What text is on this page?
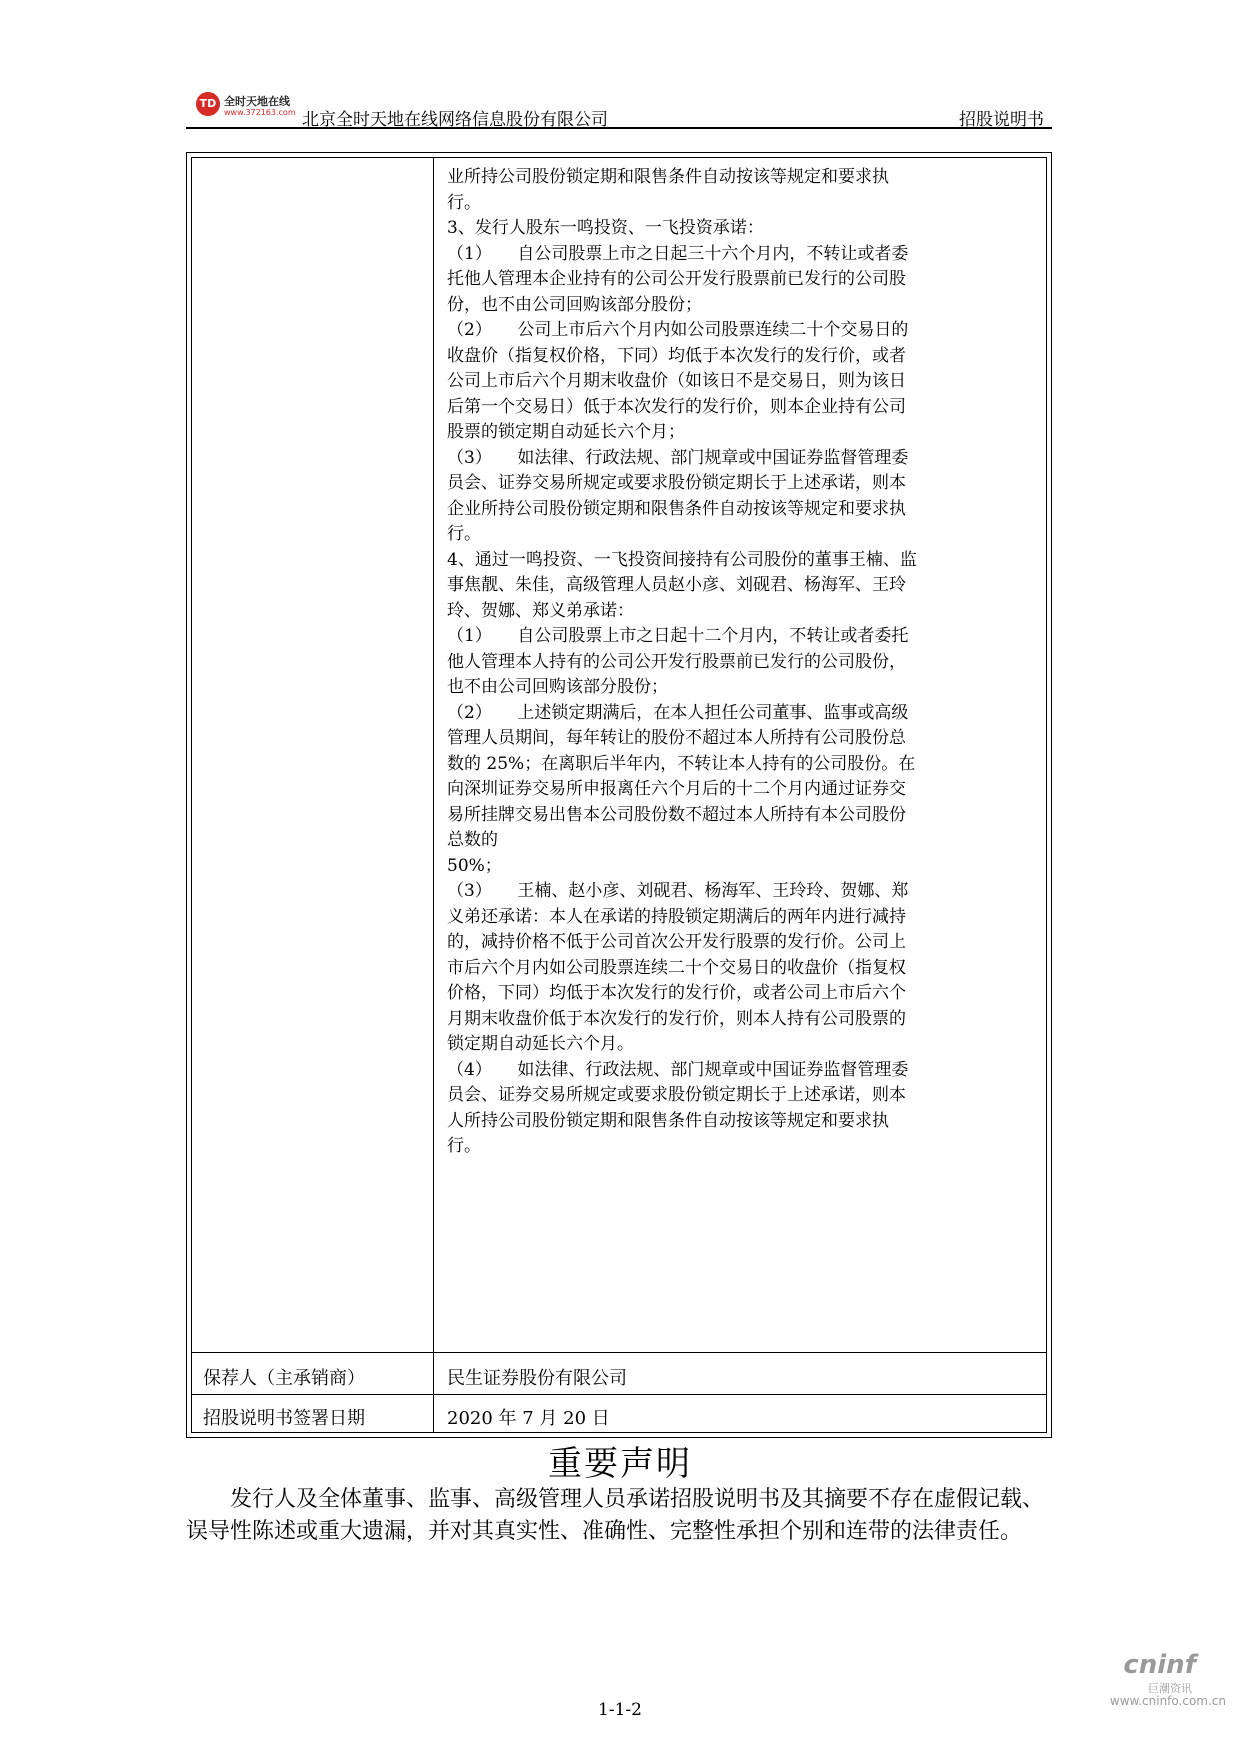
TD 全时天地在线
www.372163.com 北京全时天地在线网络信息股份有限公司	招股说明书

业所持公司股份锁定期和限售条件自动按该等规定和要求执

行。

3、发行人股东一鸣投资、一飞投资承诺：

（1）　　自公司股票上市之日起三十六个月内，不转让或者委

托他人管理本企业持有的公司公开发行股票前已发行的公司股

份，也不由公司回购该部分股份；

（2）　　公司上市后六个月内如公司股票连续二十个交易日的

收盘价（指复权价格，下同）均低于本次发行的发行价，或者

公司上市后六个月期末收盘价（如该日不是交易日，则为该日

后第一个交易日）低于本次发行的发行价，则本企业持有公司

股票的锁定期自动延长六个月；

（3）　　如法律、行政法规、部门规章或中国证券监督管理委

员会、证券交易所规定或要求股份锁定期长于上述承诺，则本

企业所持公司股份锁定期和限售条件自动按该等规定和要求执

行。

4、通过一鸣投资、一飞投资间接持有公司股份的董事王楠、监

事焦靓、朱佳，高级管理人员赵小彦、刘砚君、杨海军、王玲

玲、贺娜、郑义弟承诺：

（1）　　自公司股票上市之日起十二个月内，不转让或者委托

他人管理本人持有的公司公开发行股票前已发行的公司股份，

也不由公司回购该部分股份；

（2）　　上述锁定期满后，在本人担任公司董事、监事或高级

管理人员期间，每年转让的股份不超过本人所持有公司股份总

数的 25%；在离职后半年内，不转让本人持有的公司股份。在

向深圳证券交易所申报离任六个月后的十二个月内通过证券交

易所挂牌交易出售本公司股份数不超过本人所持有本公司股份

总数的

50%；

（3）　　王楠、赵小彦、刘砚君、杨海军、王玲玲、贺娜、郑

义弟还承诺：本人在承诺的持股锁定期满后的两年内进行减持

的，减持价格不低于公司首次公开发行股票的发行价。公司上

市后六个月内如公司股票连续二十个交易日的收盘价（指复权

价格，下同）均低于本次发行的发行价，或者公司上市后六个

月期末收盘价低于本次发行的发行价，则本人持有公司股票的

锁定期自动延长六个月。

（4）　　如法律、行政法规、部门规章或中国证券监督管理委

员会、证券交易所规定或要求股份锁定期长于上述承诺，则本

人所持公司股份锁定期和限售条件自动按该等规定和要求执

行。

保荐人（主承销商）	民生证券股份有限公司
招股说明书签署日期	2020 年 7 月 20 日
重要声明
发行人及全体董事、监事、高级管理人员承诺招股说明书及其摘要不存在虚假记载、误导性陈述或重大遗漏，并对其真实性、准确性、完整性承担个别和连带的法律责任。
cninf
巨潮资讯
www.cninfo.com.cn
1-1-2
